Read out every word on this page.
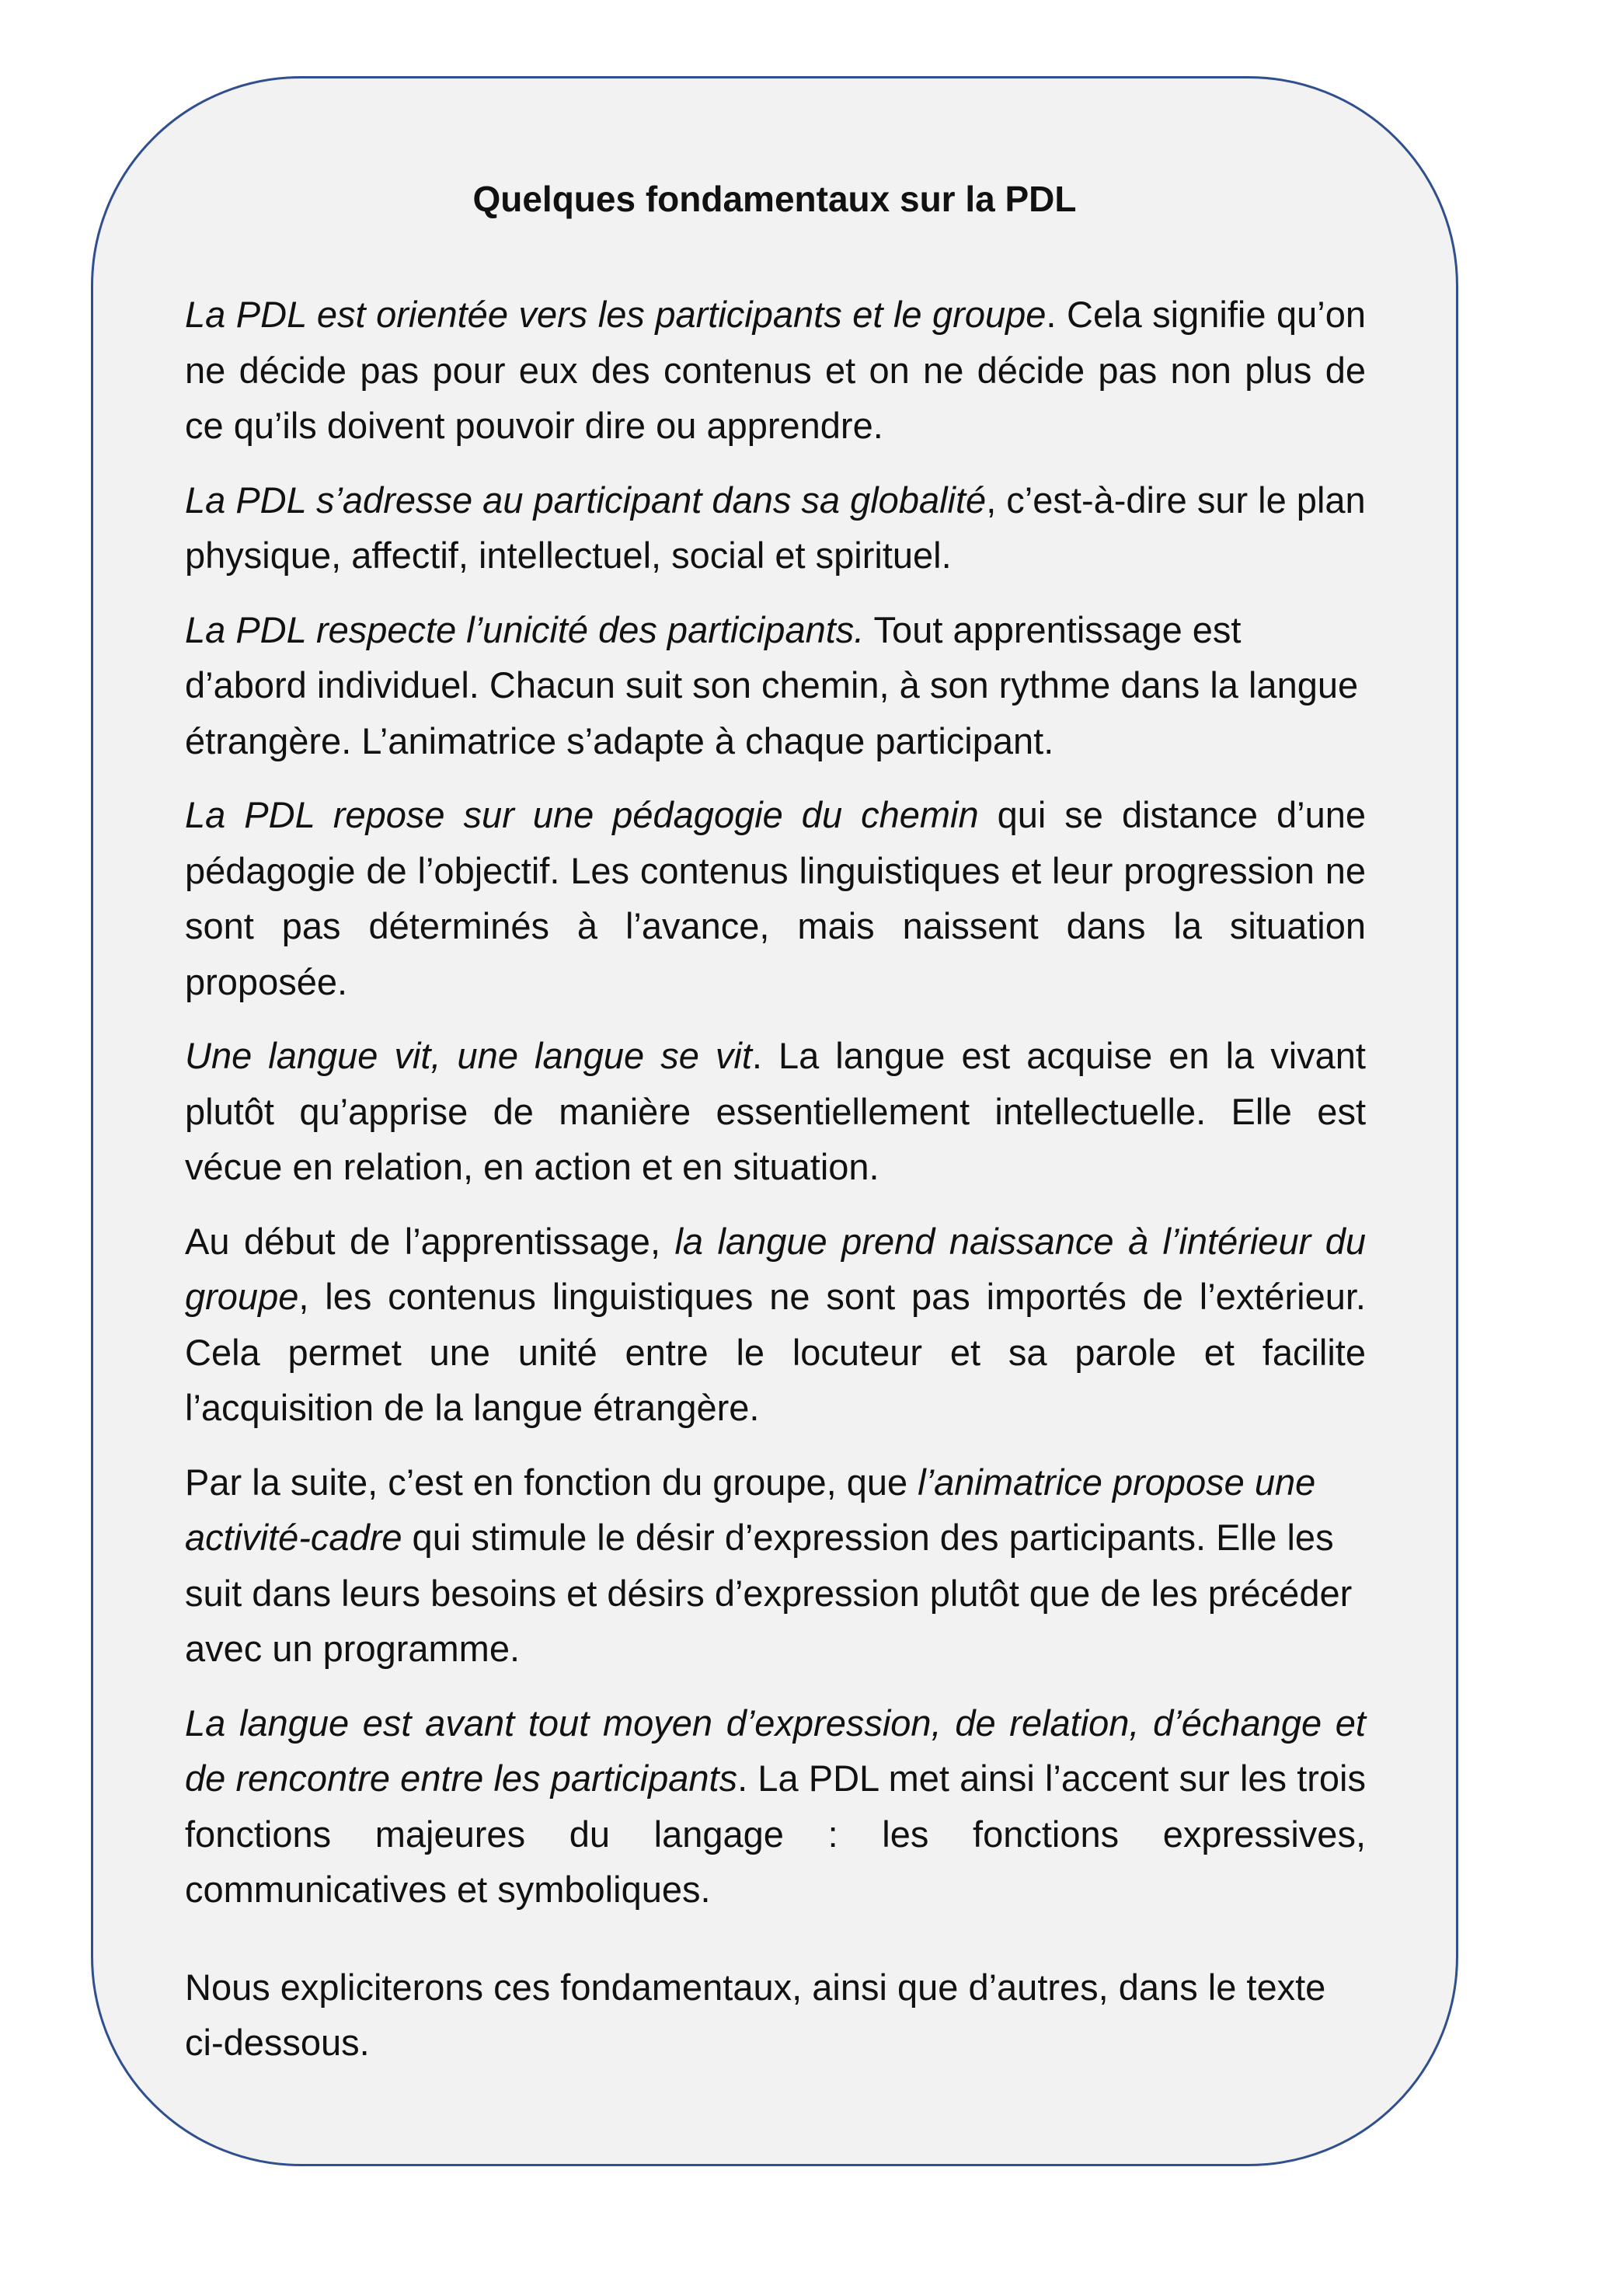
Quelques fondamentaux sur la PDL

La PDL est orientée vers les participants et le groupe. Cela signifie qu’on ne décide pas pour eux des contenus et on ne décide pas non plus de ce qu’ils doivent pouvoir dire ou apprendre.

La PDL s’adresse au participant dans sa globalité, c’est-à-dire sur le plan physique, affectif, intellectuel, social et spirituel.

La PDL respecte l’unicité des participants. Tout apprentissage est d’abord individuel. Chacun suit son chemin, à son rythme dans la langue étrangère. L’animatrice s’adapte à chaque participant.

La PDL repose sur une pédagogie du chemin qui se distance d’une pédagogie de l’objectif. Les contenus linguistiques et leur progression ne sont pas déterminés à l’avance, mais naissent dans la situation proposée.

Une langue vit, une langue se vit. La langue est acquise en la vivant plutôt qu’apprise de manière essentiellement intellectuelle. Elle est vécue en relation, en action et en situation.

Au début de l’apprentissage, la langue prend naissance à l’intérieur du groupe, les contenus linguistiques ne sont pas importés de l’extérieur. Cela permet une unité entre le locuteur et sa parole et facilite l’acquisition de la langue étrangère.

Par la suite, c’est en fonction du groupe, que l’animatrice propose une activité-cadre qui stimule le désir d’expression des participants. Elle les suit dans leurs besoins et désirs d’expression plutôt que de les précéder avec un programme.

La langue est avant tout moyen d’expression, de relation, d’échange et de rencontre entre les participants. La PDL met ainsi l’accent sur les trois fonctions majeures du langage : les fonctions expressives, communicatives et symboliques.

Nous expliciterons ces fondamentaux, ainsi que d’autres, dans le texte ci-dessous.
